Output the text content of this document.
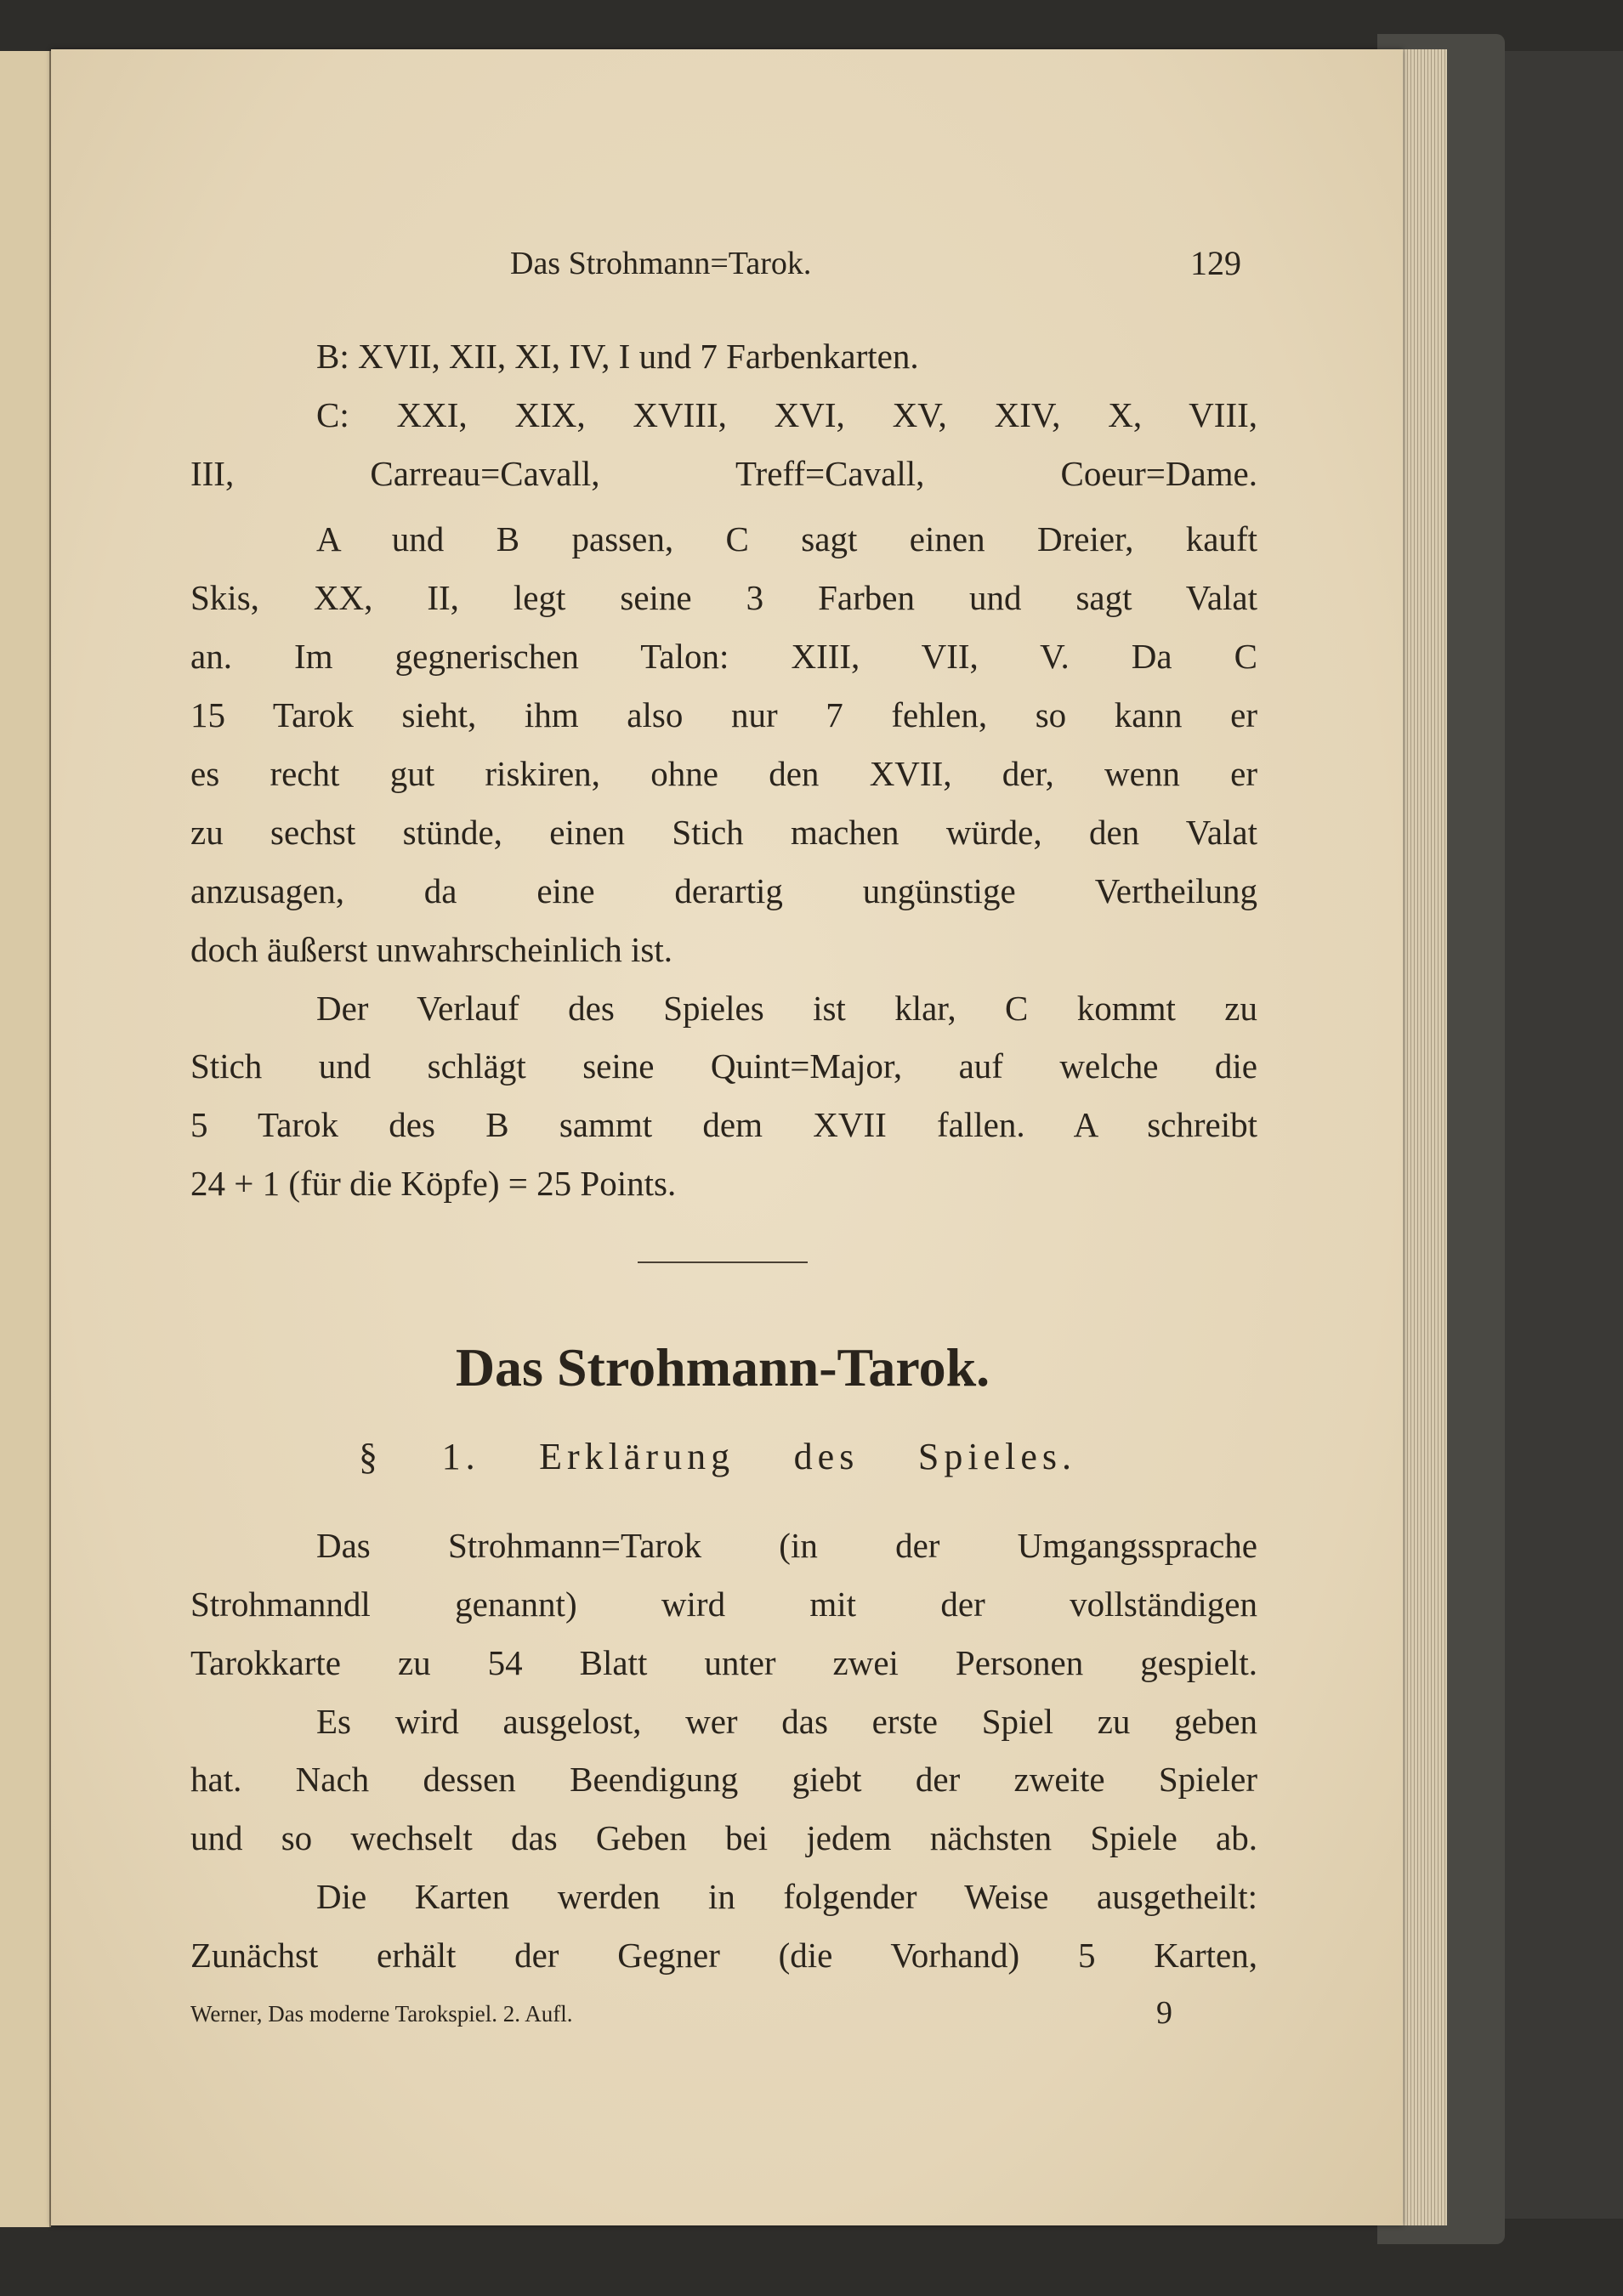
Das Strohmann=Tarok.	129
B: XVII, XII, XI, IV, I und 7 Farbenkarten.
C: XXI, XIX, XVIII, XVI, XV, XIV, X, VIII,
III, Carreau=Cavall, Treff=Cavall, Coeur=Dame.
A und B passen, C sagt einen Dreier, kauft
Skis, XX, II, legt seine 3 Farben und sagt Valat
an. Im gegnerischen Talon: XIII, VII, V. Da C
15 Tarok sieht, ihm also nur 7 fehlen, so kann er
es recht gut riskiren, ohne den XVII, der, wenn er
zu sechst stünde, einen Stich machen würde, den Valat
anzusagen, da eine derartig ungünstige Vertheilung
doch äußerst unwahrscheinlich ist.
Der Verlauf des Spieles ist klar, C kommt zu
Stich und schlägt seine Quint=Major, auf welche die
5 Tarok des B sammt dem XVII fallen. A schreibt
24 + 1 (für die Köpfe) = 25 Points.
Das Strohmann-Tarok.
§ 1. Erklärung des Spieles.
Das Strohmann=Tarok (in der Umgangssprache
Strohmanndl genannt) wird mit der vollständigen
Tarokkarte zu 54 Blatt unter zwei Personen gespielt.
Es wird ausgelost, wer das erste Spiel zu geben
hat. Nach dessen Beendigung giebt der zweite Spieler
und so wechselt das Geben bei jedem nächsten Spiele ab.
Die Karten werden in folgender Weise ausgetheilt:
Zunächst erhält der Gegner (die Vorhand) 5 Karten,
Werner, Das moderne Tarokspiel. 2. Aufl.	9
